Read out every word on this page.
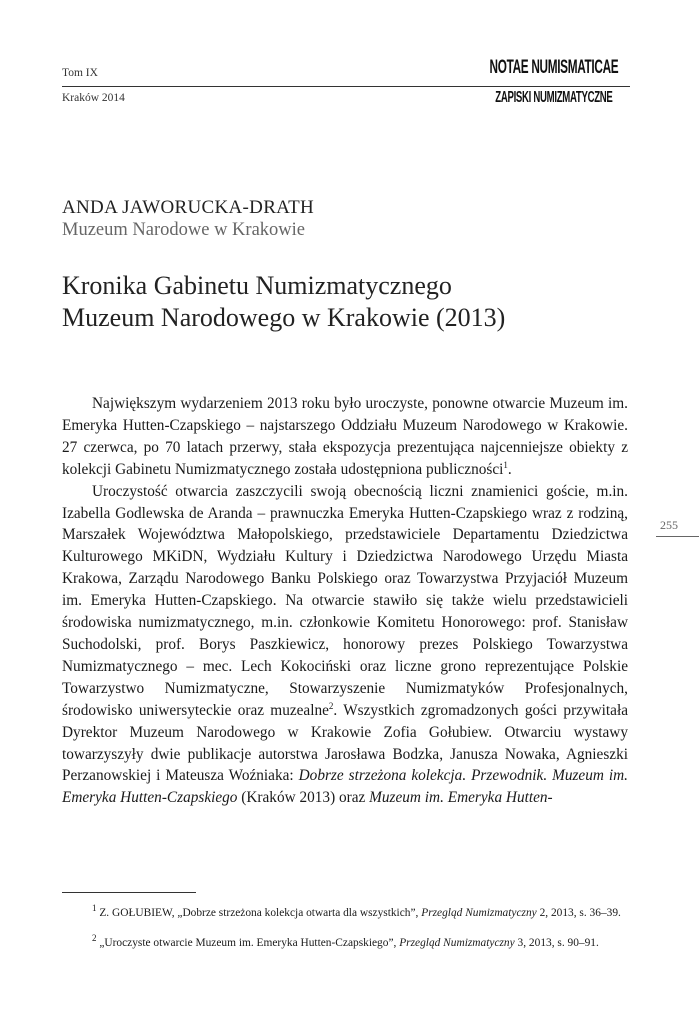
Tom IX
Kraków 2014
NOTAE NUMISMATICAE
ZAPISKI NUMIZMATYCZNE
ANDA JAWORUCKA-DRATH
Muzeum Narodowe w Krakowie
Kronika Gabinetu Numizmatycznego
Muzeum Narodowego w Krakowie (2013)

Największym wydarzeniem 2013 roku było uroczyste, ponowne otwarcie Muzeum im. Emeryka Hutten-Czapskiego – najstarszego Oddziału Muzeum Narodowego w Krakowie. 27 czerwca, po 70 latach przerwy, stała ekspozycja prezentująca najcenniejsze obiekty z kolekcji Gabinetu Numizmatycznego została udostępniona publiczności$^1$.

Uroczystość otwarcia zaszczycili swoją obecnością liczni znamienici goście, m.in. Izabella Godlewska de Aranda – prawnuczka Emeryka Hutten-Czapskiego wraz z rodziną, Marszałek Województwa Małopolskiego, przedstawiciele Departamentu Dziedzictwa Kulturowego MKiDN, Wydziału Kultury i Dziedzictwa Narodowego Urzędu Miasta Krakowa, Zarządu Narodowego Banku Polskiego oraz Towarzystwa Przyjaciół Muzeum im. Emeryka Hutten-Czapskiego. Na otwarcie stawiło się także wielu przedstawicieli środowiska numizmatycznego, m.in. członkowie Komitetu Honorowego: prof. Stanisław Suchodolski, prof. Borys Paszkiewicz, honorowy prezes Polskiego Towarzystwa Numizmatycznego – mec. Lech Kokociński oraz liczne grono reprezentujące Polskie Towarzystwo Numizmatyczne, Stowarzyszenie Numizmatyków Profesjonalnych, środowisko uniwersyteckie oraz muzealne$^2$. Wszystkich zgromadzonych gości przywitała Dyrektor Muzeum Narodowego w Krakowie Zofia Gołubiew. Otwarciu wystawy towarzyszyły dwie publikacje autorstwa Jarosława Bodzka, Janusza Nowaka, Agnieszki Perzanowskiej i Mateusza Woźniaka: Dobrze strzeżona kolekcja. Przewodnik. Muzeum im. Emeryka Hutten-Czapskiego (Kraków 2013) oraz Muzeum im. Emeryka Hutten-

255
$^1$ Z. GOŁUBIEW, „Dobrze strzeżona kolekcja otwarta dla wszystkich”, Przegląd Numizmatyczny 2, 2013, s. 36–39.
$^2$ „Uroczyste otwarcie Muzeum im. Emeryka Hutten-Czapskiego”, Przegląd Numizmatyczny 3, 2013, s. 90–91.
